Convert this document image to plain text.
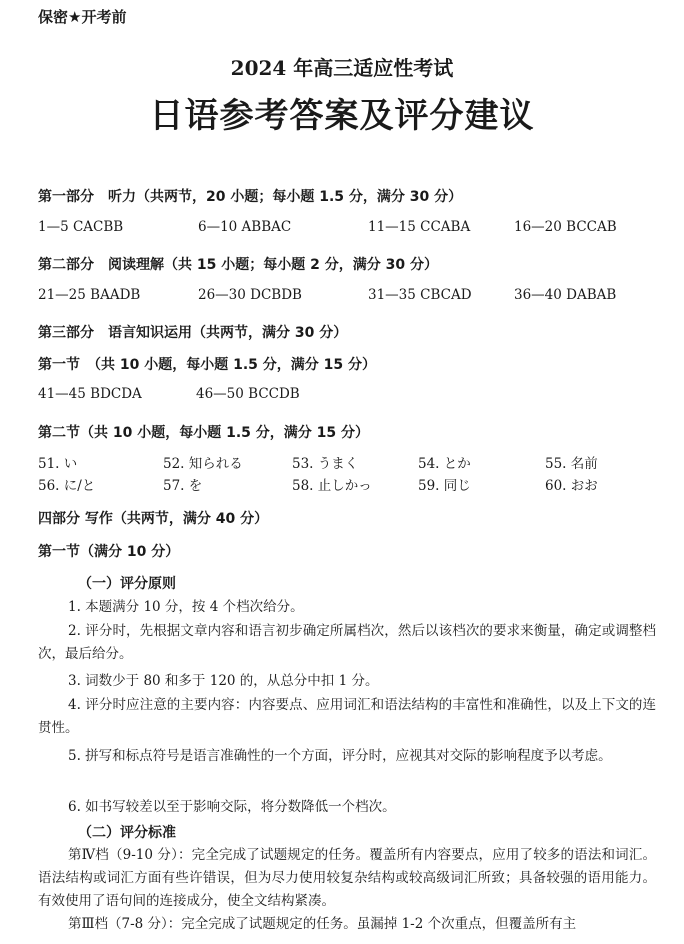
保密★开考前
2024 年高三适应性考试
日语参考答案及评分建议
第一部分　听力（共两节，20 小题；每小题 1.5 分，满分 30 分）
1—5 CACBB	6—10 ABBAC	11—15 CCABA	16—20 BCCAB
第二部分　阅读理解（共 15 小题；每小题 2 分，满分 30 分）
21—25 BAADB	26—30 DCBDB	31—35 CBCAD	36—40 DABAB
第三部分　语言知识运用（共两节，满分 30 分）
第一节　（共 10 小题，每小题 1.5 分，满分 15 分）
41—45 BDCDA	46—50 BCCDB
第二节（共 10 小题，每小题 1.5 分，满分 15 分）
51. い	52. 知られる	53. うまく	54. とか	55. 名前
56. に/と	57. を	58. 止しかっ	59. 同じ	60. おお
四部分 写作（共两节，满分 40 分）
第一节（满分 10 分）
（一）评分原则

1. 本题满分 10 分，按 4 个档次给分。

2. 评分时，先根据文章内容和语言初步确定所属档次，然后以该档次的要求来衡量，确定或调整档次，最后给分。

3. 词数少于 80 和多于 120 的，从总分中扣 1 分。

4. 评分时应注意的主要内容：内容要点、应用词汇和语法结构的丰富性和准确性，以及上下文的连贯性。

5. 拼写和标点符号是语言准确性的一个方面，评分时，应视其对交际的影响程度予以考虑。

6. 如书写较差以至于影响交际，将分数降低一个档次。

（二）评分标准

第Ⅳ档（9-10 分）：完全完成了试题规定的任务。覆盖所有内容要点，应用了较多的语法和词汇。语法结构或词汇方面有些许错误，但为尽力使用较复杂结构或较高级词汇所致；具备较强的语用能力。有效使用了语句间的连接成分，使全文结构紧凑。

第Ⅲ档（7-8 分）：完全完成了试题规定的任务。虽漏掉 1-2 个次重点，但覆盖所有主
